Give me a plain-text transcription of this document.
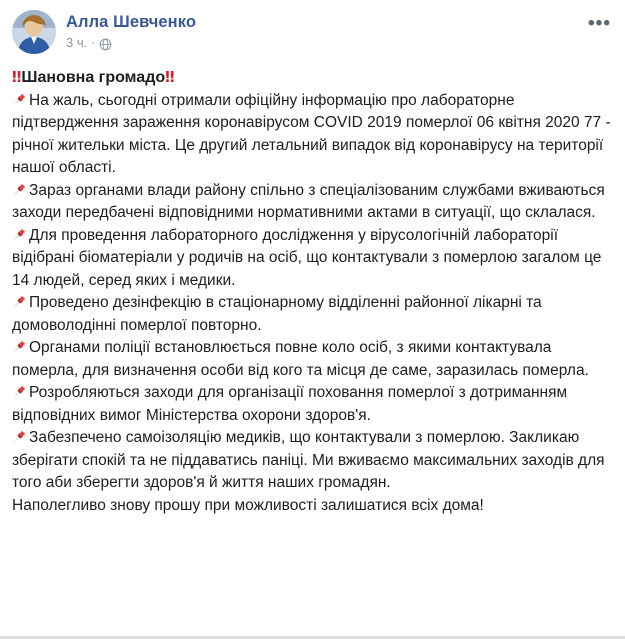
Алла Шевченко
3 ч. ·
•••

‼Шановна громадо‼

На жаль, сьогодні отримали офіційну інформацію про лабораторне підтвердження зараження коронавірусом COVID 2019 померлої 06 квітня 2020 77 - річної жительки міста. Це другий летальний випадок від коронавірусу на території нашої області.

Зараз органами влади району спільно з спеціалізованим службами вживаються заходи передбачені відповідними нормативними актами в ситуації, що склалася.

Для проведення лабораторного дослідження у вірусологічній лабораторії відібрані біоматеріали у родичів на осіб, що контактували з померлою загалом це 14 людей, серед яких і медики.

Проведено дезінфекцію в стаціонарному відділенні районної лікарні та домоволодінні померлої повторно.

Органами поліції встановлюється повне коло осіб, з якими контактувала померла, для визначення особи від кого та місця де саме, заразилась померла.

Розробляються заходи для організації поховання померлої з дотриманням відповідних вимог Міністерства охорони здоров'я.

Забезпечено самоізоляцію медиків, що контактували з померлою. Закликаю зберігати спокій та не піддаватись паніці. Ми вживаємо максимальних заходів для того аби зберегти здоров'я й життя наших громадян.

Наполегливо знову прошу при можливості залишатися всіх дома!
